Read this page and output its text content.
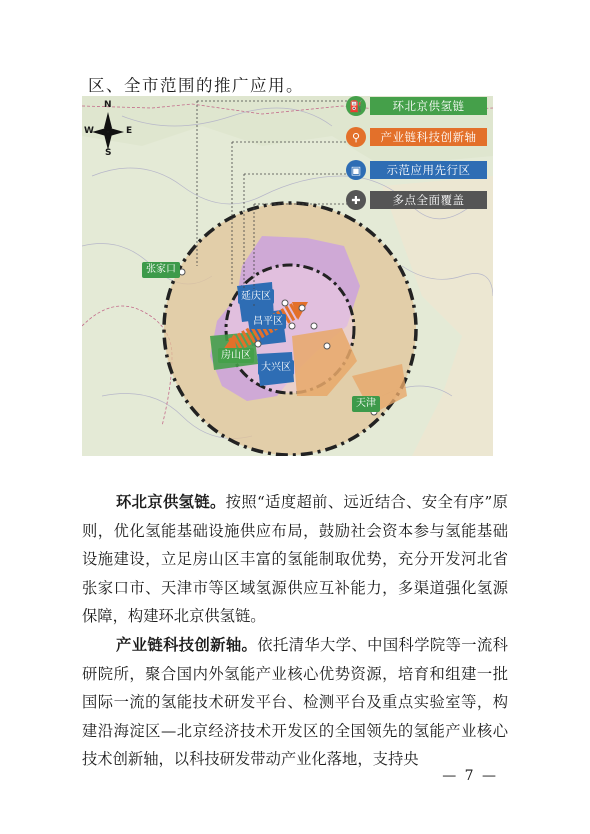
区、全市范围的推广应用。
N
S
W	E
⛽	环北京供氢链
⚲	产业链科技创新轴
▣	示范应用先行区
✚	多点全面覆盖
张家口
天津
延庆区
昌平区
房山区
大兴区
环北京供氢链。按照“适度超前、远近结合、安全有序”原则，优化氢能基础设施供应布局，鼓励社会资本参与氢能基础设施建设，立足房山区丰富的氢能制取优势，充分开发河北省张家口市、天津市等区域氢源供应互补能力，多渠道强化氢源保障，构建环北京供氢链。
产业链科技创新轴。依托清华大学、中国科学院等一流科研院所，聚合国内外氢能产业核心优势资源，培育和组建一批国际一流的氢能技术研发平台、检测平台及重点实验室等，构建沿海淀区—北京经济技术开发区的全国领先的氢能产业核心技术创新轴，以科技研发带动产业化落地，支持央
— 7 —
